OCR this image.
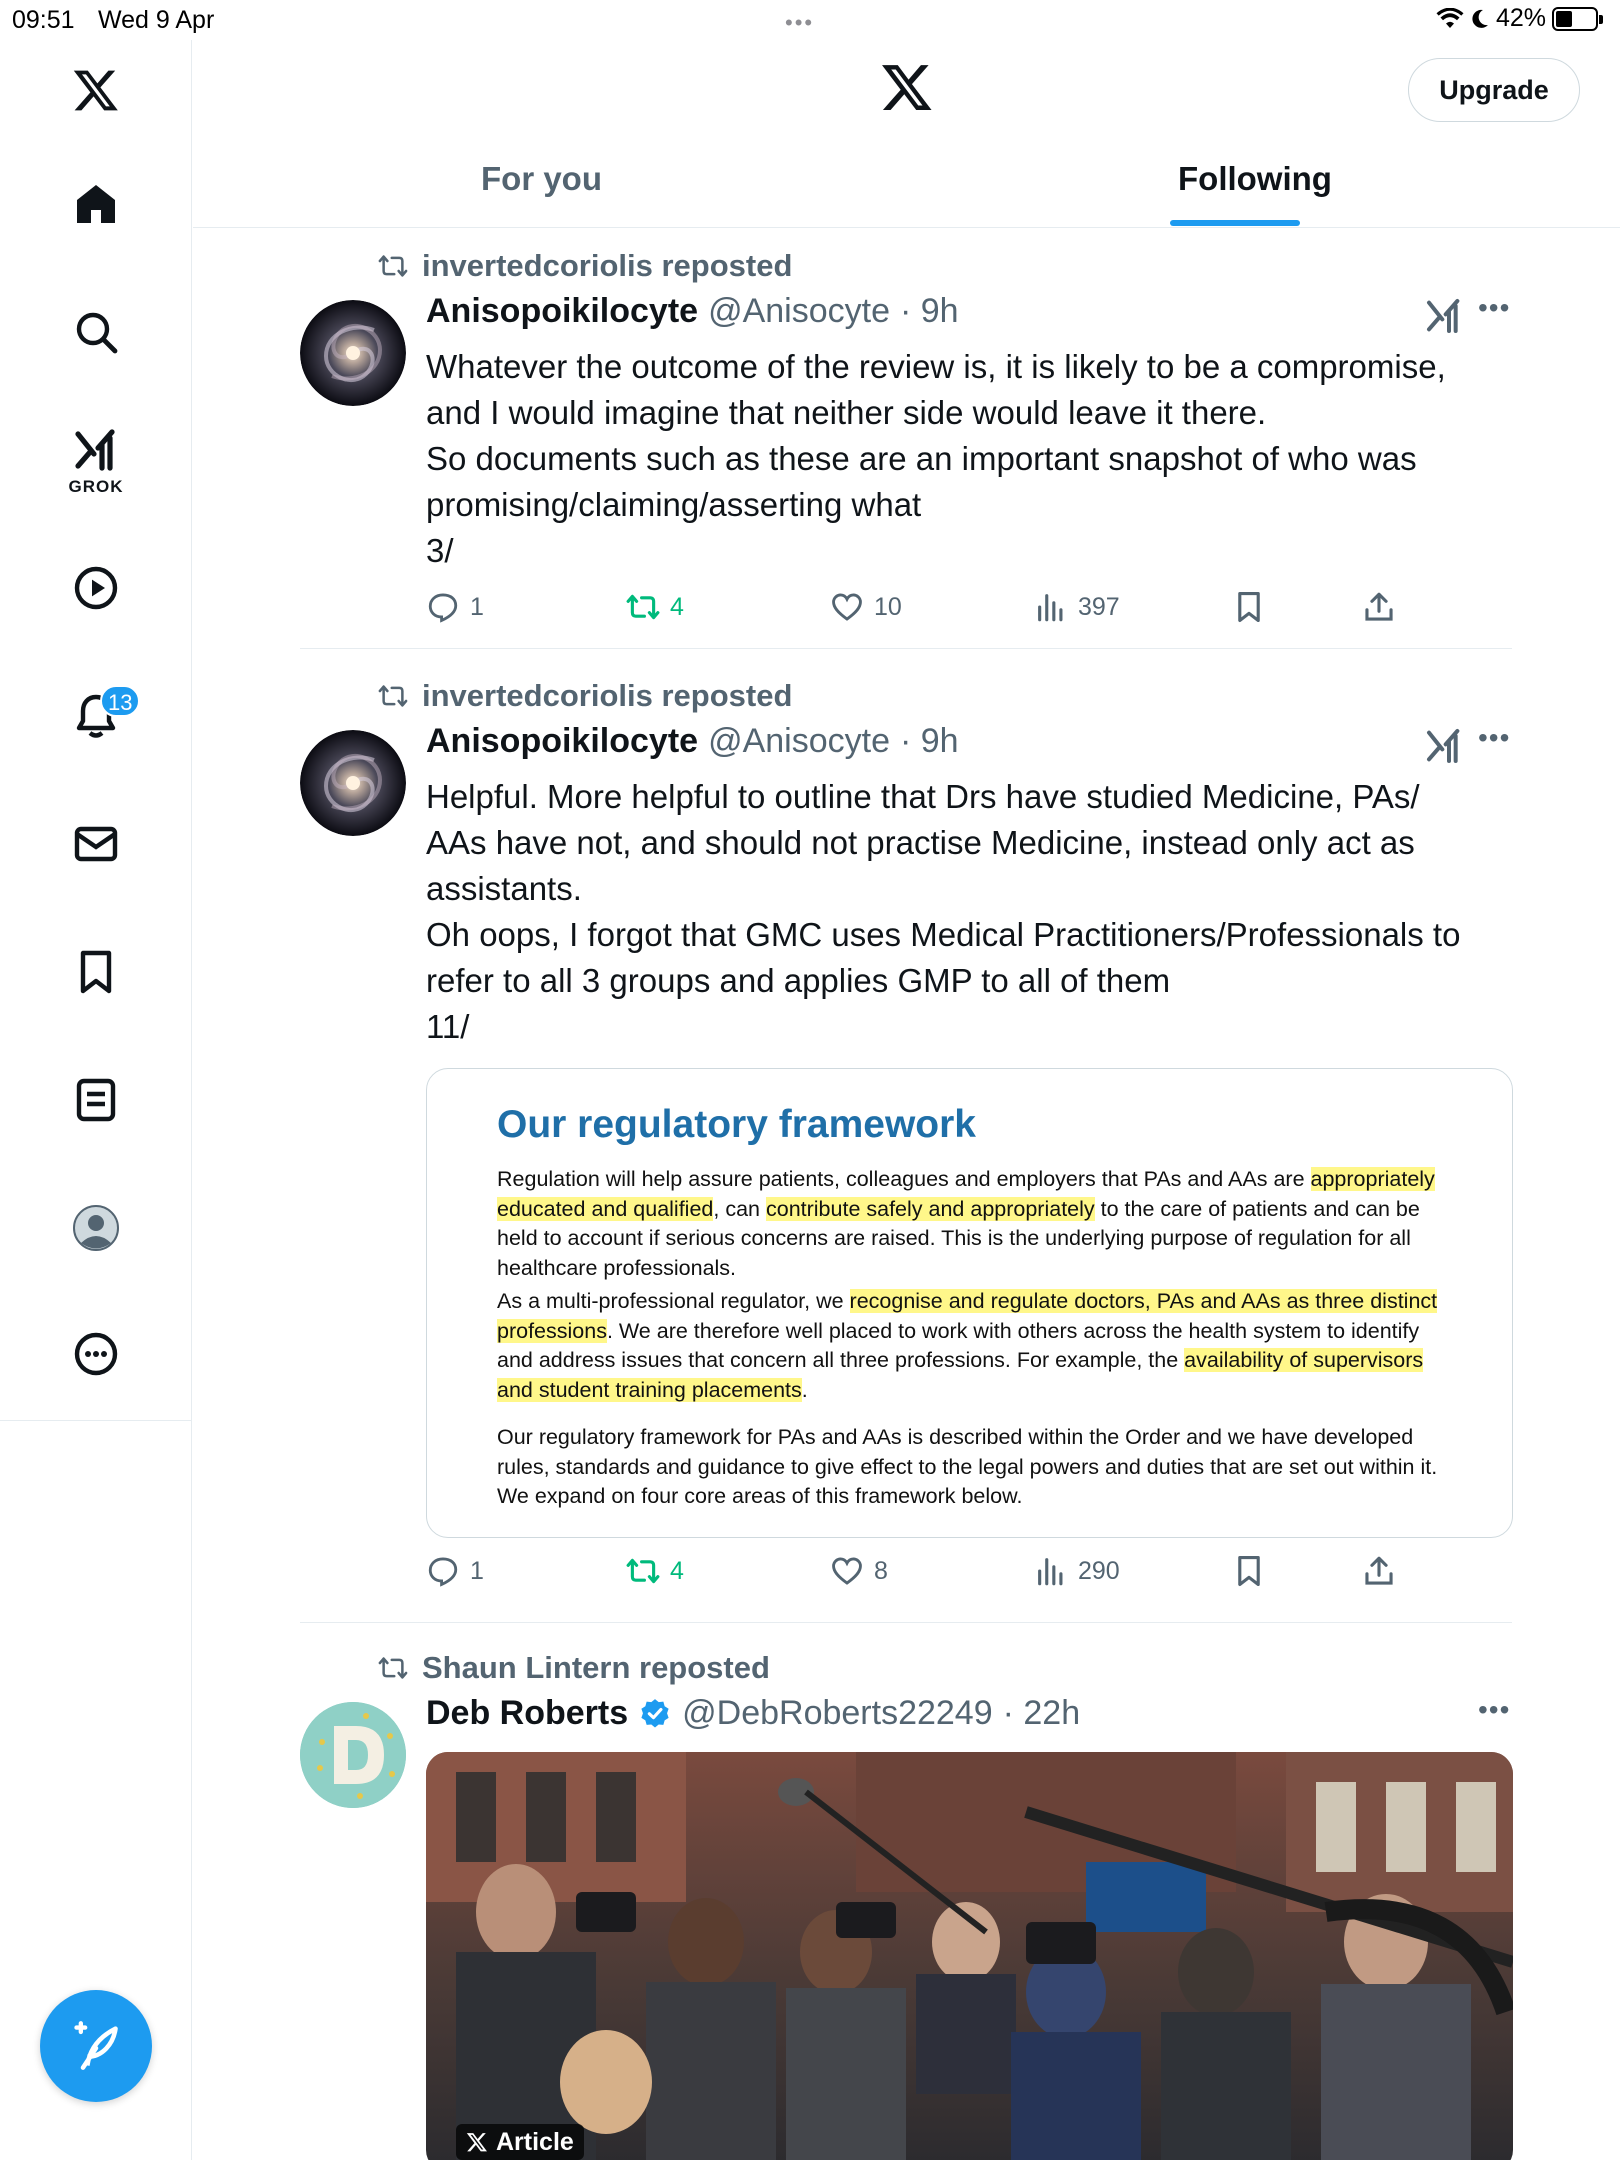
09:51 Wed 9 Apr	•••	42%
GROK
13
Upgrade
For you	Following
invertedcoriolis reposted
Anisopoikilocyte @Anisocyte · 9h	•••

Whatever the outcome of the review is, it is likely to be a compromise,

and I would imagine that neither side would leave it there.

So documents such as these are an important snapshot of who was

promising/claiming/asserting what

3/

1	4	10	397
invertedcoriolis reposted
Anisopoikilocyte @Anisocyte · 9h	•••

Helpful. More helpful to outline that Drs have studied Medicine, PAs/

AAs have not, and should not practise Medicine, instead only act as

assistants.

Oh oops, I forgot that GMC uses Medical Practitioners/Professionals to

refer to all 3 groups and applies GMP to all of them

11/

Our regulatory framework
Regulation will help assure patients, colleagues and employers that PAs and AAs are appropriately educated and qualified, can contribute safely and appropriately to the care of patients and can be held to account if serious concerns are raised. This is the underlying purpose of regulation for all healthcare professionals.
As a multi-professional regulator, we recognise and regulate doctors, PAs and AAs as three distinct professions. We are therefore well placed to work with others across the health system to identify and address issues that concern all three professions. For example, the availability of supervisors and student training placements.
Our regulatory framework for PAs and AAs is described within the Order and we have developed rules, standards and guidance to give effect to the legal powers and duties that are set out within it. We expand on four core areas of this framework below.
1	4	8	290
Shaun Lintern reposted
Deb Roberts @DebRoberts22249 · 22h	•••
Article
